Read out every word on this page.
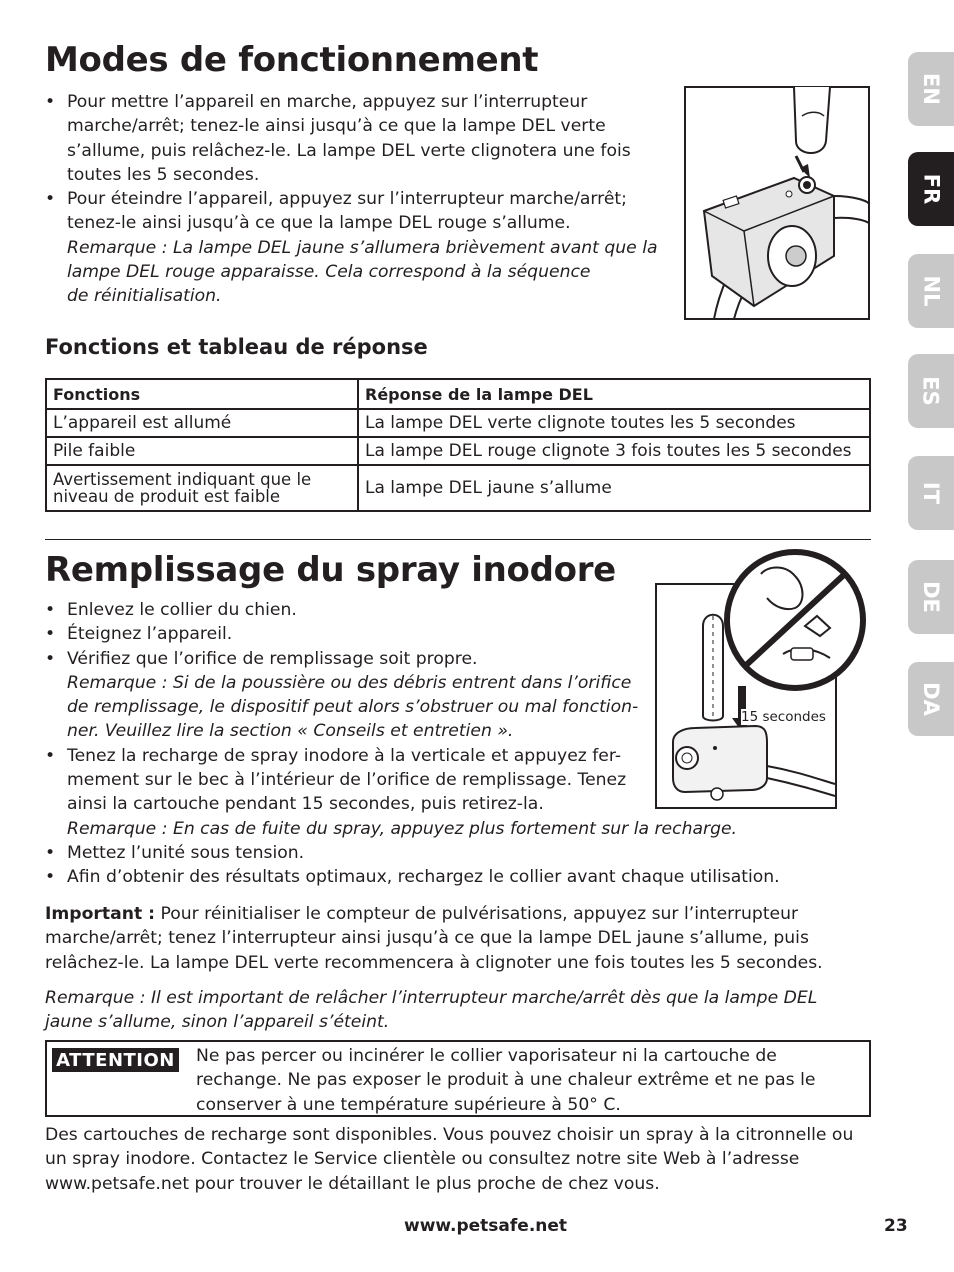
Modes de fonctionnement
• Pour mettre l’appareil en marche, appuyez sur l’interrupteur
marche/arrêt; tenez-le ainsi jusqu’à ce que la lampe DEL verte
s’allume, puis relâchez-le. La lampe DEL verte clignotera une fois
toutes les 5 secondes.
• Pour éteindre l’appareil, appuyez sur l’interrupteur marche/arrêt;
tenez-le ainsi jusqu’à ce que la lampe DEL rouge s’allume.
Remarque : La lampe DEL jaune s’allumera brièvement avant que la
lampe DEL rouge apparaisse. Cela correspond à la séquence
de réinitialisation.
Fonctions et tableau de réponse
Fonctions	Réponse de la lampe DEL
L’appareil est allumé	La lampe DEL verte clignote toutes les 5 secondes
Pile faible	La lampe DEL rouge clignote 3 fois toutes les 5 secondes
Avertissement indiquant que le
niveau de produit est faible	La lampe DEL jaune s’allume
Remplissage du spray inodore
• Enlevez le collier du chien.
• Éteignez l’appareil.
• Vérifiez que l’orifice de remplissage soit propre.
Remarque : Si de la poussière ou des débris entrent dans l’orifice
de remplissage, le dispositif peut alors s’obstruer ou mal fonction-
ner. Veuillez lire la section « Conseils et entretien ».
• Tenez la recharge de spray inodore à la verticale et appuyez fer-
mement sur le bec à l’intérieur de l’orifice de remplissage. Tenez
ainsi la cartouche pendant 15 secondes, puis retirez-la.
Remarque : En cas de fuite du spray, appuyez plus fortement sur la recharge.
• Mettez l’unité sous tension.
• Afin d’obtenir des résultats optimaux, rechargez le collier avant chaque utilisation.
15 secondes
Important : Pour réinitialiser le compteur de pulvérisations, appuyez sur l’interrupteur
marche/arrêt; tenez l’interrupteur ainsi jusqu’à ce que la lampe DEL jaune s’allume, puis
relâchez-le. La lampe DEL verte recommencera à clignoter une fois toutes les 5 secondes.
Remarque : Il est important de relâcher l’interrupteur marche/arrêt dès que la lampe DEL
jaune s’allume, sinon l’appareil s’éteint.
ATTENTION Ne pas percer ou incinérer le collier vaporisateur ni la cartouche de
rechange. Ne pas exposer le produit à une chaleur extrême et ne pas le
conserver à une température supérieure à 50° C.
Des cartouches de recharge sont disponibles. Vous pouvez choisir un spray à la citronnelle ou
un spray inodore. Contactez le Service clientèle ou consultez notre site Web à l’adresse
www.petsafe.net pour trouver le détaillant le plus proche de chez vous.
EN
FR
NL
ES
IT
DE
DA
www.petsafe.net	23
